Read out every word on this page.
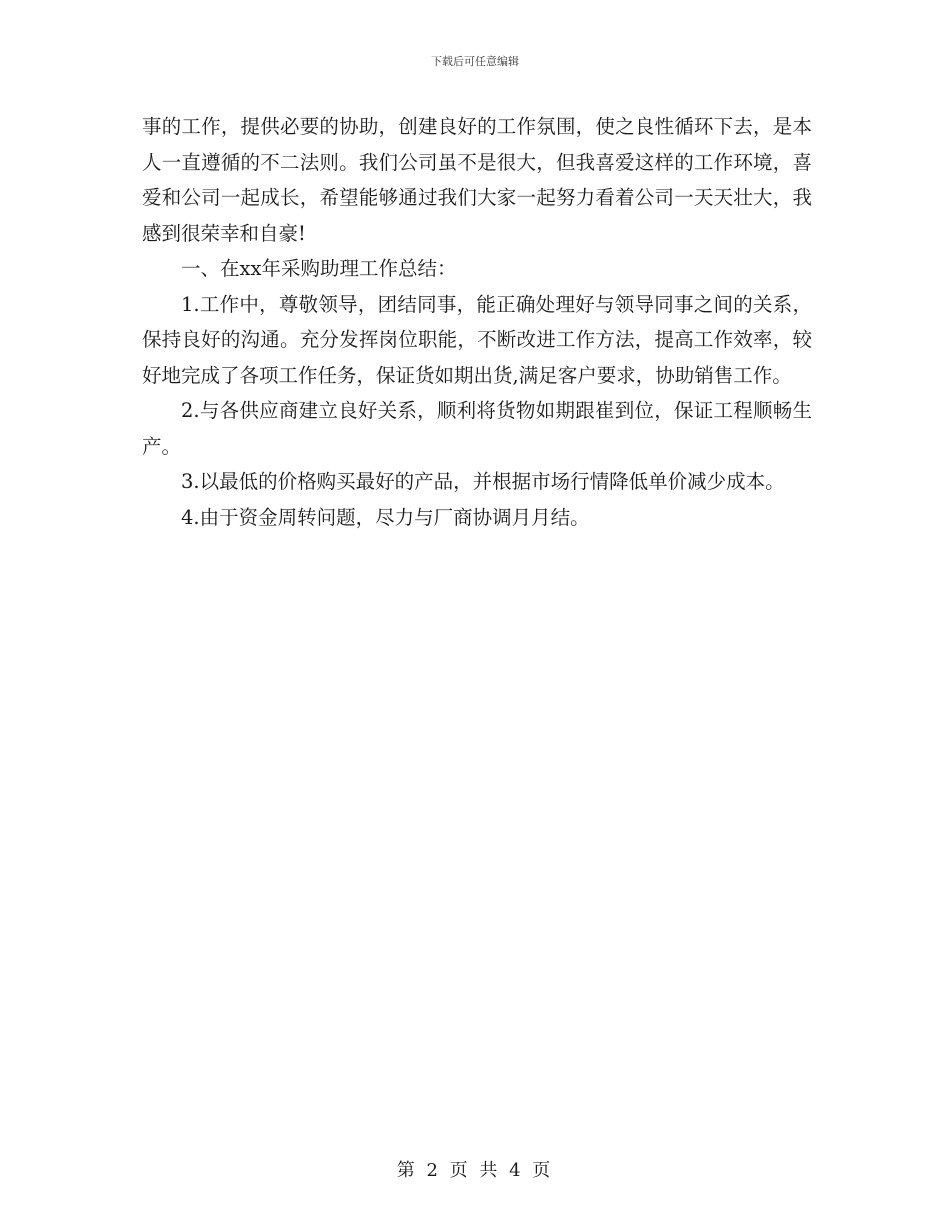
下载后可任意编辑

事的工作，提供必要的协助，创建良好的工作氛围，使之良性循环下去，是本人一直遵循的不二法则。我们公司虽不是很大，但我喜爱这样的工作环境，喜爱和公司一起成长，希望能够通过我们大家一起努力看着公司一天天壮大，我感到很荣幸和自豪!

一、在xx年采购助理工作总结：

1.工作中，尊敬领导，团结同事，能正确处理好与领导同事之间的关系，保持良好的沟通。充分发挥岗位职能，不断改进工作方法，提高工作效率，较好地完成了各项工作任务，保证货如期出货,满足客户要求，协助销售工作。

2.与各供应商建立良好关系，顺利将货物如期跟崔到位，保证工程顺畅生产。

3.以最低的价格购买最好的产品，并根据市场行情降低单价减少成本。

4.由于资金周转问题，尽力与厂商协调月月结。

第 2 页 共 4 页
